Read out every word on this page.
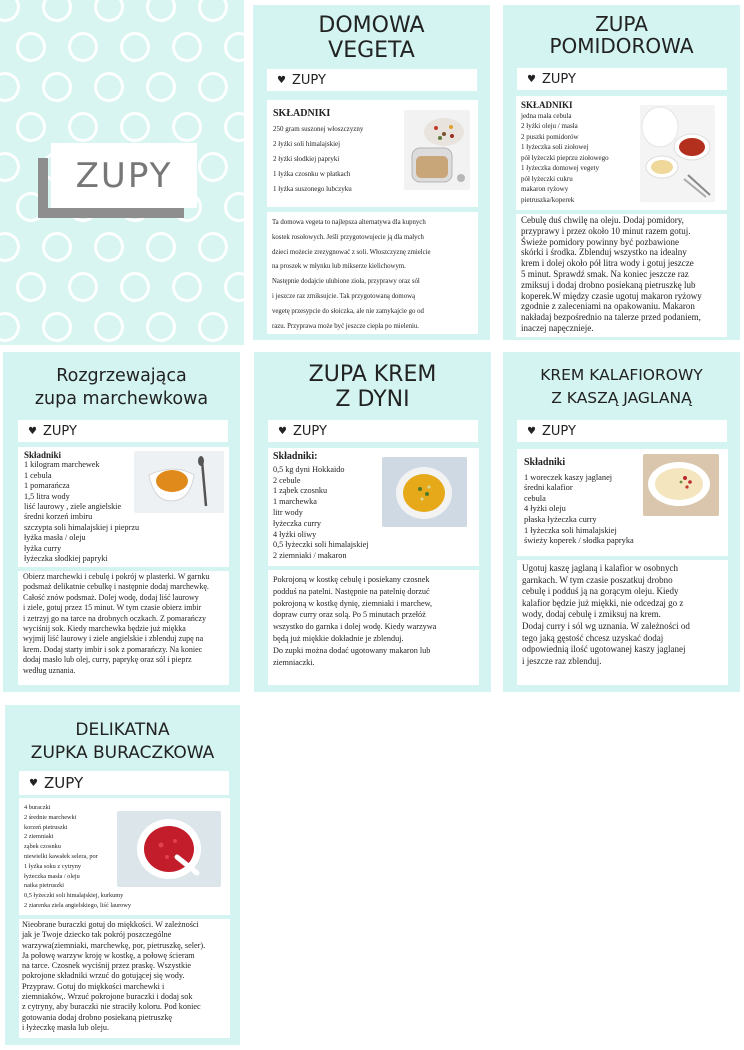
ZUPY
DOMOWA
VEGETA
♥ ZUPY
SKŁADNIKI
250 gram suszonej włoszczyzny
2 łyżki soli himalajskiej
2 łyżki słodkiej papryki
1 łyżka czosnku w płatkach
1 łyżka suszonego lubczyku
Ta domowa vegeta to najlepsza alternatywa dla kupnych
kostek rosołowych. Jeśli przygotowujecie ją dla małych
dzieci możecie zrezygnować z soli. Włoszczyznę zmielcie
na proszek w młynku lub mikserze kielichowym.
Następnie dodajcie ulubione zioła, przyprawy oraz sól
i jeszcze raz zmiksujcie. Tak przygotowaną domową
vegetę przesypcie do słoiczka, ale nie zamykajcie go od
razu. Przyprawa może być jeszcze ciepła po mieleniu.
ZUPA
POMIDOROWA
♥ ZUPY
SKŁADNIKI
jedna mała cebula
2 łyżki oleju / masła
2 puszki pomidorów
1 łyżeczka soli ziołowej
pół łyżeczki pieprzu ziołowego
1 łyżeczka domowej vegety
pół łyżeczki cukru
makaron ryżowy
pietruszka/koperek
Cebulę duś chwilę na oleju. Dodaj pomidory,
przyprawy i przez około 10 minut razem gotuj.
Świeże pomidory powinny być pozbawione
skórki i środka. Zblenduj wszystko na idealny
krem i dolej około pół litra wody i gotuj jeszcze
5 minut. Sprawdź smak. Na koniec jeszcze raz
zmiksuj i dodaj drobno posiekaną pietruszkę lub
koperek.W między czasie ugotuj makaron ryżowy
zgodnie z zaleceniami na opakowaniu. Makaron
nakładaj bezpośrednio na talerze przed podaniem,
inaczej napęcznieje.
Rozgrzewająca
zupa marchewkowa
♥ ZUPY
Składniki
1 kilogram marchewek
1 cebula
1 pomarańcza
1,5 litra wody
liść laurowy , ziele angielskie
średni korzeń imbiru
szczypta soli himalajskiej i pieprzu
łyżka masła / oleju
łyżka curry
łyżeczka słodkiej papryki
Obierz marchewki i cebulę i pokrój w plasterki. W garnku
podsmaż delikatnie cebulkę i następnie dodaj marchewkę.
Całość znów podsmaż. Dolej wodę, dodaj liść laurowy
i ziele, gotuj przez 15 minut. W tym czasie obierz imbir
i zetrzyj go na tarce na drobnych oczkach. Z pomarańczy
wyciśnij sok. Kiedy marchewka będzie już miękka
wyjmij liść laurowy i ziele angielskie i zblenduj zupę na
krem. Dodaj starty imbir i sok z pomarańczy. Na koniec
dodaj masło lub olej, curry, paprykę oraz sól i pieprz
według uznania.
ZUPA KREM
Z DYNI
♥ ZUPY
Składniki:
0,5 kg dyni Hokkaido
2 cebule
1 ząbek czosnku
1 marchewka
litr wody
łyżeczka curry
4 łyżki oliwy
0,5 łyżeczki soli himalajskiej
2 ziemniaki / makaron
Pokrojoną w kostkę cebulę i posiekany czosnek
podduś na patelni. Następnie na patelnię dorzuć
pokrojoną w kostkę dynię, ziemniaki i marchew,
dopraw curry oraz solą. Po 5 minutach przełóż
wszystko do garnka i dolej wodę. Kiedy warzywa
będą już miękkie dokładnie je zblenduj.
Do zupki można dodać ugotowany makaron lub
ziemniaczki.
KREM KALAFIOROWY
Z KASZĄ JAGLANĄ
♥ ZUPY
Składniki
1 woreczek kaszy jaglanej
średni kalafior
cebula
4 łyżki oleju
płaska łyżeczka curry
1 łyżeczka soli himalajskiej
świeży koperek / słodka papryka
Ugotuj kaszę jaglaną i kalafior w osobnych
garnkach. W tym czasie poszatkuj drobno
cebulę i podduś ją na gorącym oleju. Kiedy
kalafior będzie już miękki, nie odcedzaj go z
wody, dodaj cebulę i zmiksuj na krem.
Dodaj curry i sól wg uznania. W zależności od
tego jaką gęstość chcesz uzyskać dodaj
odpowiednią ilość ugotowanej kaszy jaglanej
i jeszcze raz zblenduj.
DELIKATNA
ZUPKA BURACZKOWA
♥ ZUPY
4 buraczki
2 średnie marchewki
korzeń pietruszki
2 ziemniaki
ząbek czosnku
niewielki kawałek selera, por
1 łyżka soku z cytryny
łyżeczka masła / oleju
natka pietruszki
0,5 łyżeczki soli himalajskiej, kurkumy
2 ziarenka ziela angielskiego, liść laurowy
Nieobrane buraczki gotuj do miękkości. W zależności
jak je Twoje dziecko tak pokrój poszczególne
warzywa(ziemniaki, marchewkę, por, pietruszkę, seler).
Ja połowę warzyw kroję w kostkę, a połowę ścieram
na tarce. Czosnek wyciśnij przez praskę. Wszystkie
pokrojone składniki wrzuć do gotującej się wody.
Przypraw. Gotuj do miękkości marchewki i
ziemniaków,. Wrzuć pokrojone buraczki i dodaj sok
z cytryny, aby buraczki nie straciły koloru. Pod koniec
gotowania dodaj drobno posiekaną pietruszkę
i łyżeczkę masła lub oleju.
